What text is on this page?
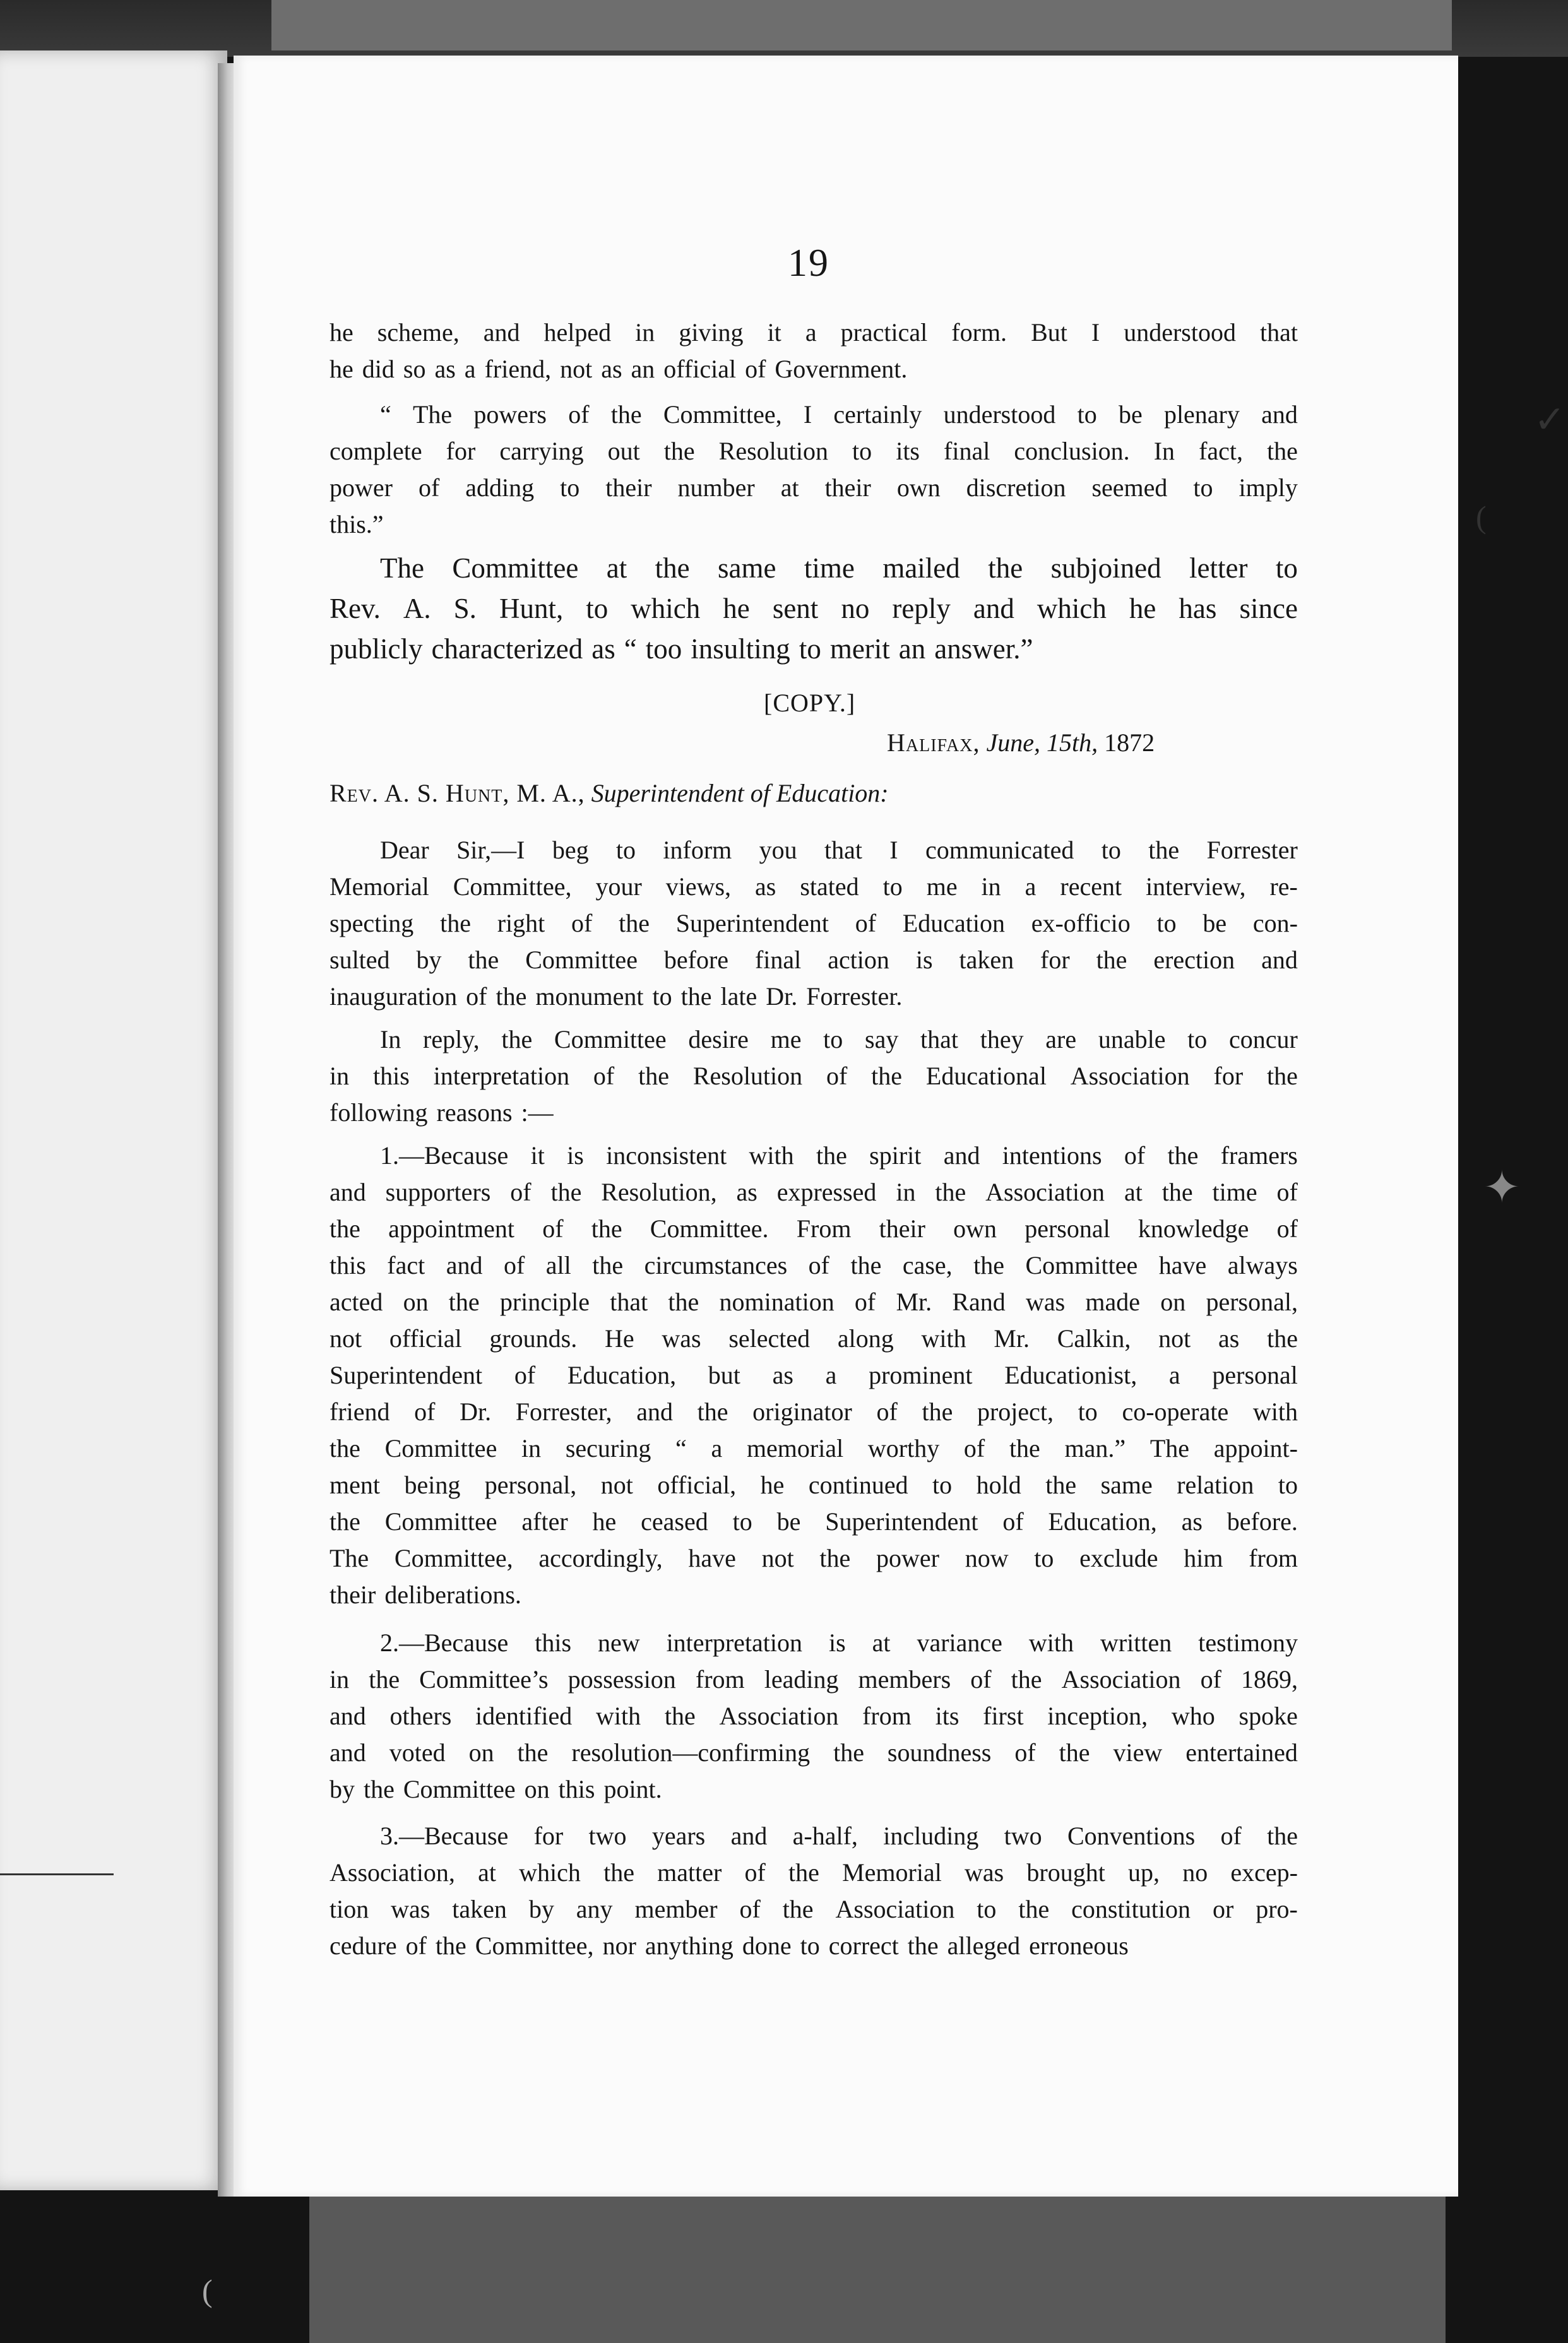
19
he scheme, and helped in giving it a practical form. But I understood that
he did so as a friend, not as an official of Government.
“ The powers of the Committee, I certainly understood to be plenary and
complete for carrying out the Resolution to its final conclusion. In fact, the
power of adding to their number at their own discretion seemed to imply
this.”
The Committee at the same time mailed the subjoined letter to
Rev. A. S. Hunt, to which he sent no reply and which he has since
publicly characterized as “ too insulting to merit an answer.”
Dear Sir,—I beg to inform you that I communicated to the Forrester
Memorial Committee, your views, as stated to me in a recent interview, re-
specting the right of the Superintendent of Education ex-officio to be con-
sulted by the Committee before final action is taken for the erection and
inauguration of the monument to the late Dr. Forrester.
In reply, the Committee desire me to say that they are unable to concur
in this interpretation of the Resolution of the Educational Association for the
following reasons :—
1.—Because it is inconsistent with the spirit and intentions of the framers
and supporters of the Resolution, as expressed in the Association at the time of
the appointment of the Committee. From their own personal knowledge of
this fact and of all the circumstances of the case, the Committee have always
acted on the principle that the nomination of Mr. Rand was made on personal,
not official grounds. He was selected along with Mr. Calkin, not as the
Superintendent of Education, but as a prominent Educationist, a personal
friend of Dr. Forrester, and the originator of the project, to co-operate with
the Committee in securing “ a memorial worthy of the man.” The appoint-
ment being personal, not official, he continued to hold the same relation to
the Committee after he ceased to be Superintendent of Education, as before.
The Committee, accordingly, have not the power now to exclude him from
their deliberations.
2.—Because this new interpretation is at variance with written testimony
in the Committee’s possession from leading members of the Association of 1869,
and others identified with the Association from its first inception, who spoke
and voted on the resolution—confirming the soundness of the view entertained
by the Committee on this point.
3.—Because for two years and a-half, including two Conventions of the
Association, at which the matter of the Memorial was brought up, no excep-
tion was taken by any member of the Association to the constitution or pro-
cedure of the Committee, nor anything done to correct the alleged erroneous
[COPY.]
Halifax, June, 15th, 1872
Rev. A. S. Hunt, M. A., Superintendent of Education:
✓
(
✦
(
